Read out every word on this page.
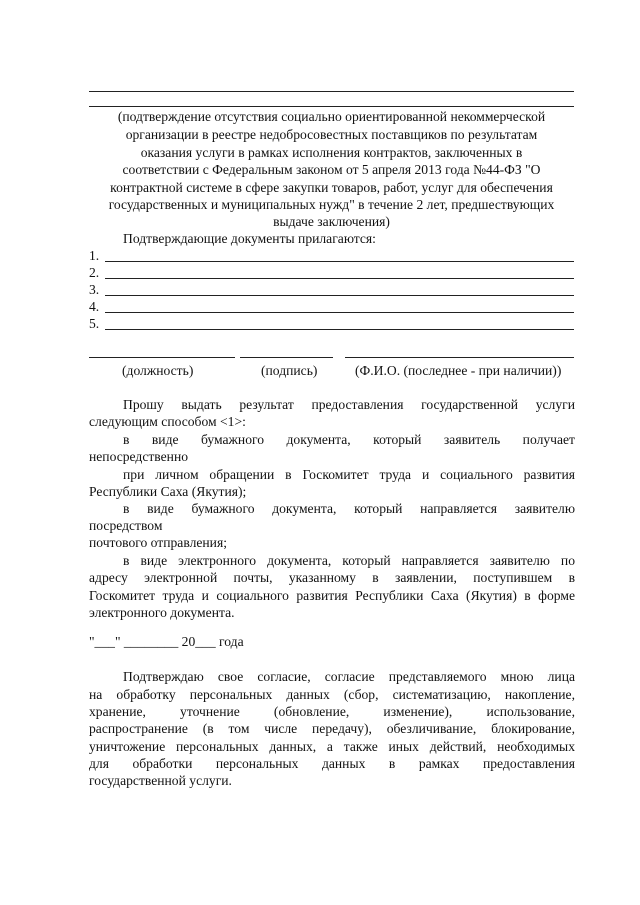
(подтверждение отсутствия социально ориентированной некоммерческой
организации в реестре недобросовестных поставщиков по результатам
оказания услуги в рамках исполнения контрактов, заключенных в
соответствии с Федеральным законом от 5 апреля 2013 года №44-ФЗ "О
контрактной системе в сфере закупки товаров, работ, услуг для обеспечения
государственных и муниципальных нужд" в течение 2 лет, предшествующих
выдаче заключения)
Подтверждающие документы прилагаются:
1.
2.
3.
4.
5.
(должность)	(подпись)	(Ф.И.О. (последнее - при наличии))
Прошу выдать результат предоставления государственной услуги
следующим способом <1>:
в виде бумажного документа, который заявитель получает
непосредственно
при личном обращении в Госкомитет труда и социального развития
Республики Саха (Якутия);
в виде бумажного документа, который направляется заявителю
посредством
почтового отправления;
в виде электронного документа, который направляется заявителю по
адресу электронной почты, указанному в заявлении, поступившем в
Госкомитет труда и социального развития Республики Саха (Якутия) в форме
электронного документа.
"___" ________ 20___ года
Подтверждаю свое согласие, согласие представляемого мною лица
на обработку персональных данных (сбор, систематизацию, накопление,
хранение, уточнение (обновление, изменение), использование,
распространение (в том числе передачу), обезличивание, блокирование,
уничтожение персональных данных, а также иных действий, необходимых
для обработки персональных данных в рамках предоставления
государственной услуги.
